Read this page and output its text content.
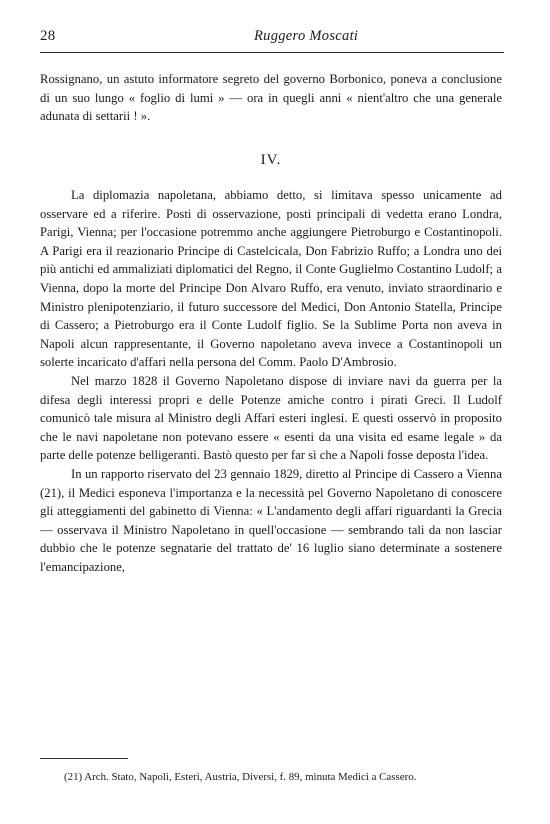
28	Ruggero Moscati

Rossignano, un astuto informatore segreto del governo Borbonico, poneva a conclusione di un suo lungo « foglio di lumi » — ora in quegli anni « nient'altro che una generale adunata di settarii ! ».

IV.

La diplomazia napoletana, abbiamo detto, si limitava spesso unicamente ad osservare ed a riferire. Posti di osservazione, posti principali di vedetta erano Londra, Parigi, Vienna; per l'occasione potremmo anche aggiungere Pietroburgo e Costantinopoli. A Parigi era il reazionario Principe di Castelcicala, Don Fabrizio Ruffo; a Londra uno dei più antichi ed ammaliziati diplomatici del Regno, il Conte Guglielmo Costantino Ludolf; a Vienna, dopo la morte del Principe Don Alvaro Ruffo, era venuto, inviato straordinario e Ministro plenipotenziario, il futuro successore del Medici, Don Antonio Statella, Principe di Cassero; a Pietroburgo era il Conte Ludolf figlio. Se la Sublime Porta non aveva in Napoli alcun rappresentante, il Governo napoletano aveva invece a Costantinopoli un solerte incaricato d'affari nella persona del Comm. Paolo D'Ambrosio.

Nel marzo 1828 il Governo Napoletano dispose di inviare navi da guerra per la difesa degli interessi propri e delle Potenze amiche contro i pirati Greci. Il Ludolf comunicò tale misura al Ministro degli Affari esteri inglesi. E questi osservò in proposito che le navi napoletane non potevano essere « esenti da una visita ed esame legale » da parte delle potenze belligeranti. Bastò questo per far sì che a Napoli fosse deposta l'idea.

In un rapporto riservato del 23 gennaio 1829, diretto al Principe di Cassero a Vienna (21), il Medici esponeva l'importanza e la necessità pel Governo Napoletano di conoscere gli atteggiamenti del gabinetto di Vienna: « L'andamento degli affari riguardanti la Grecia — osservava il Ministro Napoletano in quell'occasione — sembrando tali da non lasciar dubbio che le potenze segnatarie del trattato de' 16 luglio siano determinate a sostenere l'emancipazione,

(21) Arch. Stato, Napoli, Esteri, Austria, Diversi, f. 89, minuta Medici a Cassero.
